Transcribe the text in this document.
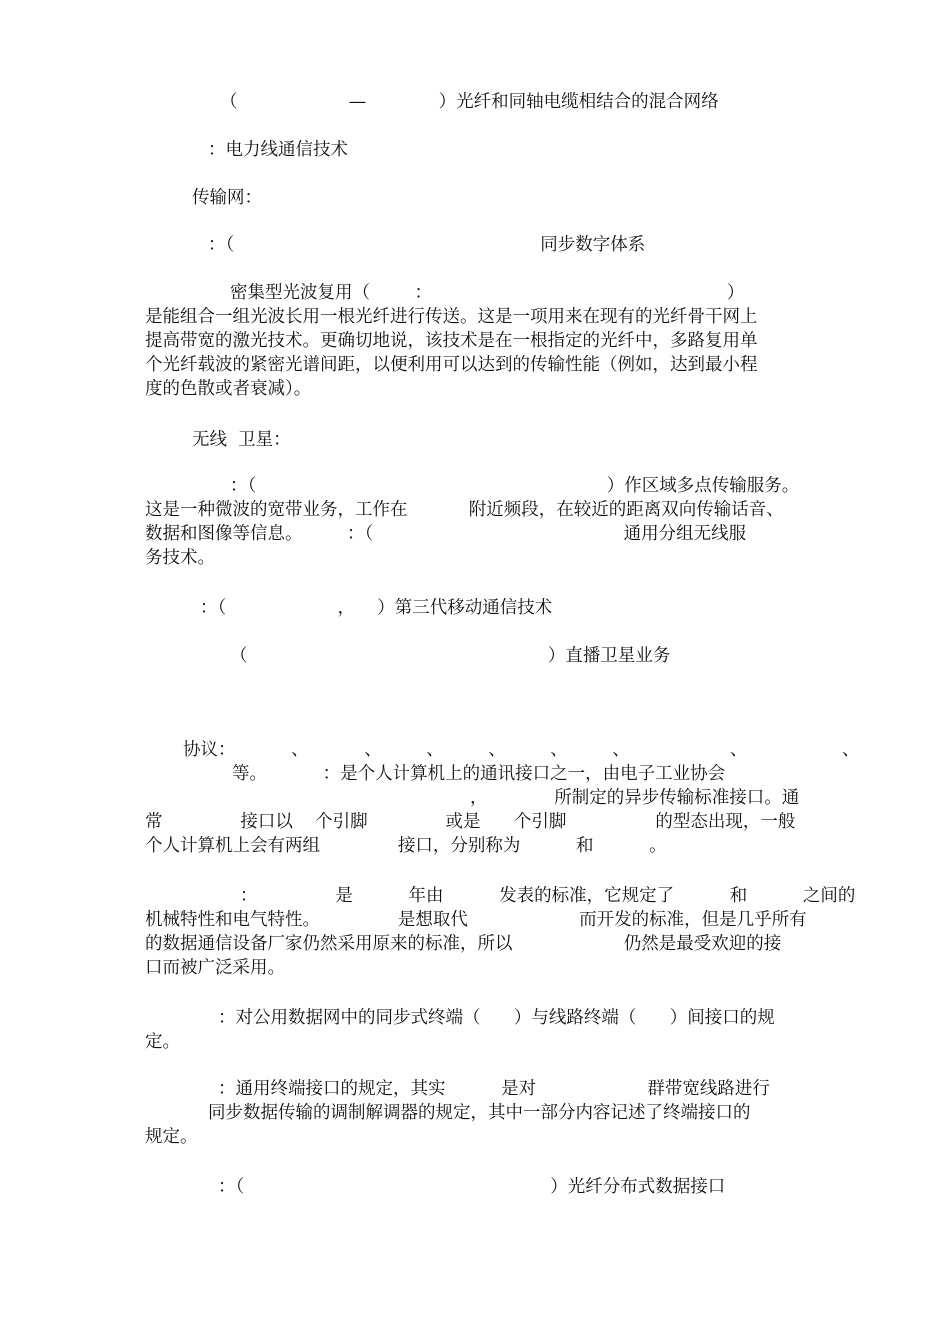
（                    —             ）光纤和同轴电缆相结合的混合网络

：电力线通信技术

传输网：

：（                                                       同步数字体系

密集型光波复用（        ：                                                     ）

是能组合一组光波长用一根光纤进行传送。这是一项用来在现有的光纤骨干网上

提高带宽的激光技术。更确切地说，该技术是在一根指定的光纤中，多路复用单

个光纤载波的紧密光谱间距，以便利用可以达到的传输性能（例如，达到最小程

度的色散或者衰减）。

无线  卫星：

：（                                                               ）作区域多点传输服务。

这是一种微波的宽带业务，工作在           附近频段，在较近的距离双向传输话音、

数据和图像等信息。        ：（                                             通用分组无线服

务技术。

：（                    ，    ）第三代移动通信技术

（                                                      ）直播卫星业务

协议：          、          、        、        、        、        、                  、                 、

等。          ：是个人计算机上的通讯接口之一，由电子工业协会

，            所制定的异步传输标准接口。通

常              接口以    个引脚              或是      个引脚                的型态出现，一般

个人计算机上会有两组              接口，分别称为          和          。

：              是          年由          发表的标准，它规定了          和          之间的

机械特性和电气特性。              是想取代                    而开发的标准，但是几乎所有

的数据通信设备厂家仍然采用原来的标准，所以                    仍然是最受欢迎的接

口而被广泛采用。

：对公用数据网中的同步式终端（      ）与线路终端（      ）间接口的规

定。

：通用终端接口的规定，其实          是对                    群带宽线路进行

同步数据传输的调制解调器的规定，其中一部分内容记述了终端接口的

规定。

：（                                                       ）光纤分布式数据接口
